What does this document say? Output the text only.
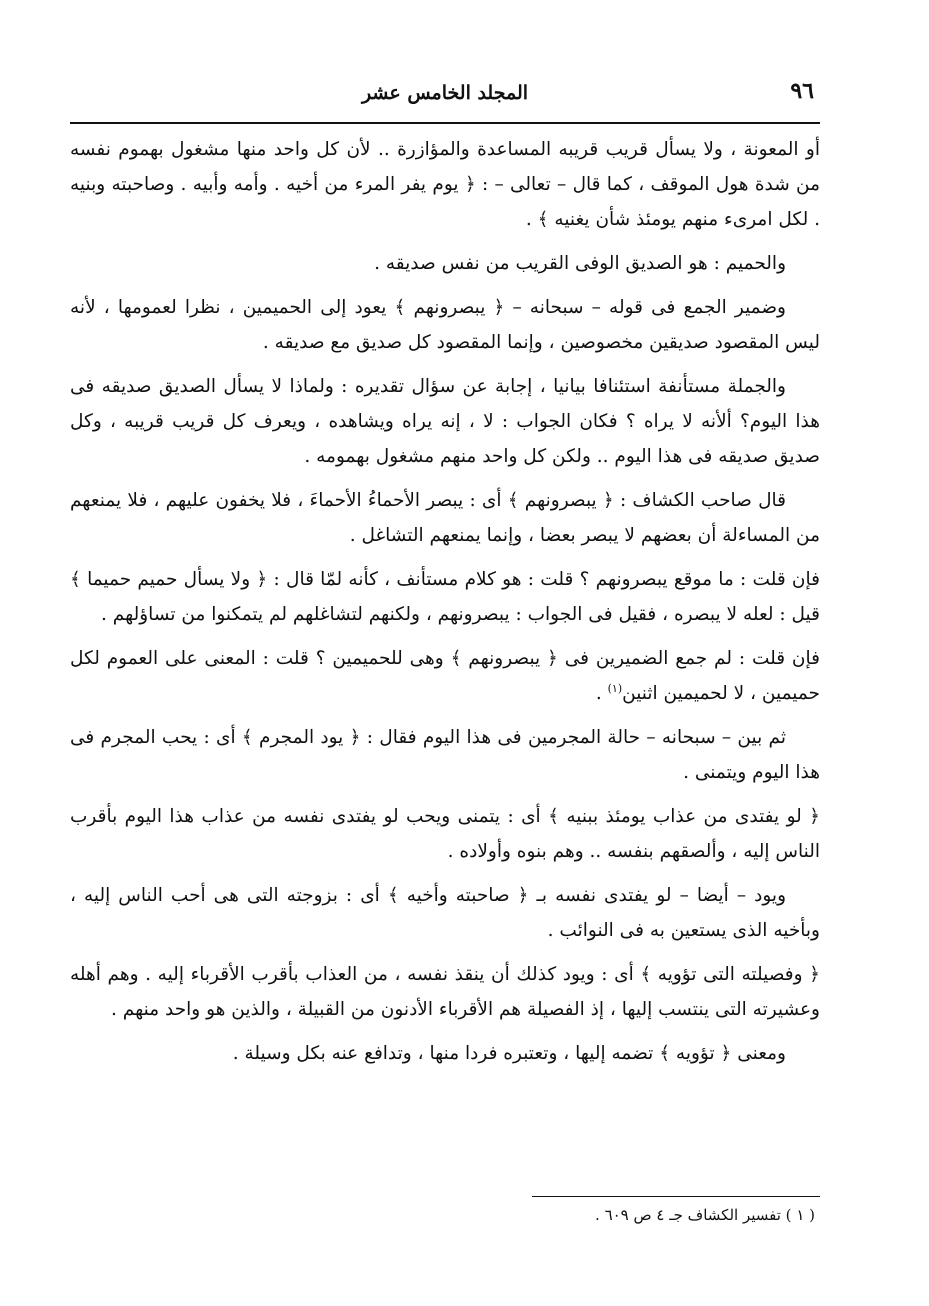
٩٦
المجلد الخامس عشر

أو المعونة ، ولا يسأل قريب قريبه المساعدة والمؤازرة .. لأن كل واحد منها مشغول بهموم نفسه من شدة هول الموقف ، كما قال – تعالى – : ﴿ يوم يفر المرء من أخيه . وأمه وأبيه . وصاحبته وبنيه . لكل امرىء منهم يومئذ شأن يغنيه ﴾ .

والحميم : هو الصديق الوفى القريب من نفس صديقه .

وضمير الجمع فى قوله – سبحانه – ﴿ يبصرونهم ﴾ يعود إلى الحميمين ، نظرا لعمومها ، لأنه ليس المقصود صديقين مخصوصين ، وإنما المقصود كل صديق مع صديقه .

والجملة مستأنفة استئنافا بيانيا ، إجابة عن سؤال تقديره : ولماذا لا يسأل الصديق صديقه فى هذا اليوم؟ ألأنه لا يراه ؟ فكان الجواب : لا ، إنه يراه ويشاهده ، ويعرف كل قريب قريبه ، وكل صديق صديقه فى هذا اليوم .. ولكن كل واحد منهم مشغول بهمومه .

قال صاحب الكشاف : ﴿ يبصرونهم ﴾ أى : يبصر الأحماءُ الأحماءَ ، فلا يخفون عليهم ، فلا يمنعهم من المساءلة أن بعضهم لا يبصر بعضا ، وإنما يمنعهم التشاغل .

فإن قلت : ما موقع يبصرونهم ؟ قلت : هو كلام مستأنف ، كأنه لمّا قال : ﴿ ولا يسأل حميم حميما ﴾ قيل : لعله لا يبصره ، فقيل فى الجواب : يبصرونهم ، ولكنهم لتشاغلهم لم يتمكنوا من تساؤلهم .

فإن قلت : لم جمع الضميرين فى ﴿ يبصرونهم ﴾ وهى للحميمين ؟ قلت : المعنى على العموم لكل حميمين ، لا لحميمين اثنين$^{(١)}$ .

ثم بين – سبحانه – حالة المجرمين فى هذا اليوم فقال : ﴿ يود المجرم ﴾ أى : يحب المجرم فى هذا اليوم ويتمنى .

﴿ لو يفتدى من عذاب يومئذ ببنيه ﴾ أى : يتمنى ويحب لو يفتدى نفسه من عذاب هذا اليوم بأقرب الناس إليه ، وألصقهم بنفسه .. وهم بنوه وأولاده .

ويود – أيضا – لو يفتدى نفسه بـ ﴿ صاحبته وأخيه ﴾ أى : بزوجته التى هى أحب الناس إليه ، وبأخيه الذى يستعين به فى النوائب .

﴿ وفصيلته التى تؤويه ﴾ أى : ويود كذلك أن ينقذ نفسه ، من العذاب بأقرب الأقرباء إليه . وهم أهله وعشيرته التى ينتسب إليها ، إذ الفصيلة هم الأقرباء الأدنون من القبيلة ، والذين هو واحد منهم .

ومعنى ﴿ تؤويه ﴾ تضمه إليها ، وتعتبره فردا منها ، وتدافع عنه بكل وسيلة .

( ١ ) تفسير الكشاف جـ ٤ ص ٦٠٩ .
